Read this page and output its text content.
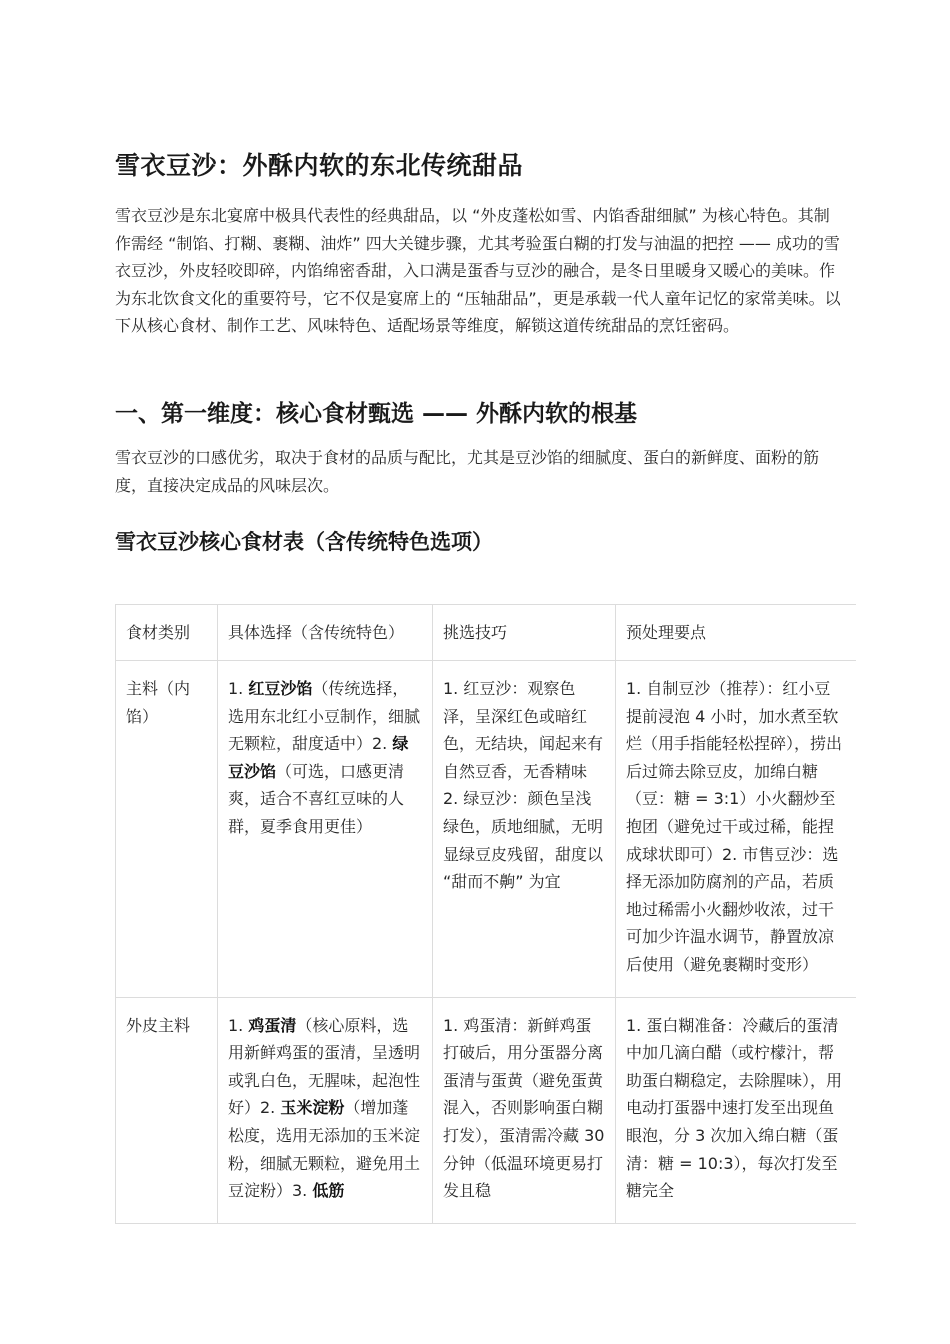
雪衣豆沙：外酥内软的东北传统甜品

雪衣豆沙是东北宴席中极具代表性的经典甜品，以 “外皮蓬松如雪、内馅香甜细腻” 为核心特色。其制作需经 “制馅、打糊、裹糊、油炸” 四大关键步骤，尤其考验蛋白糊的打发与油温的把控 —— 成功的雪衣豆沙，外皮轻咬即碎，内馅绵密香甜，入口满是蛋香与豆沙的融合，是冬日里暖身又暖心的美味。作为东北饮食文化的重要符号，它不仅是宴席上的 “压轴甜品”，更是承载一代人童年记忆的家常美味。以下从核心食材、制作工艺、风味特色、适配场景等维度，解锁这道传统甜品的烹饪密码。

一、第一维度：核心食材甄选 —— 外酥内软的根基

雪衣豆沙的口感优劣，取决于食材的品质与配比，尤其是豆沙馅的细腻度、蛋白的新鲜度、面粉的筋度，直接决定成品的风味层次。

雪衣豆沙核心食材表（含传统特色选项）
食材类别	具体选择（含传统特色）	挑选技巧	预处理要点
主料（内馅）	1. 红豆沙馅（传统选择，选用东北红小豆制作，细腻无颗粒，甜度适中）2. 绿豆沙馅（可选，口感更清爽，适合不喜红豆味的人群，夏季食用更佳）	1. 红豆沙：观察色泽，呈深红色或暗红色，无结块，闻起来有自然豆香，无香精味 2. 绿豆沙：颜色呈浅绿色，质地细腻，无明显绿豆皮残留，甜度以 “甜而不齁” 为宜	1. 自制豆沙（推荐）：红小豆提前浸泡 4 小时，加水煮至软烂（用手指能轻松捏碎），捞出后过筛去除豆皮，加绵白糖（豆：糖 = 3:1）小火翻炒至抱团（避免过干或过稀，能捏成球状即可）2. 市售豆沙：选择无添加防腐剂的产品，若质地过稀需小火翻炒收浓，过干可加少许温水调节，静置放凉后使用（避免裹糊时变形）
外皮主料	1. 鸡蛋清（核心原料，选用新鲜鸡蛋的蛋清，呈透明或乳白色，无腥味，起泡性好）2. 玉米淀粉（增加蓬松度，选用无添加的玉米淀粉，细腻无颗粒，避免用土豆淀粉）3. 低筋	1. 鸡蛋清：新鲜鸡蛋打破后，用分蛋器分离蛋清与蛋黄（避免蛋黄混入，否则影响蛋白糊打发），蛋清需冷藏 30 分钟（低温环境更易打发且稳	1. 蛋白糊准备：冷藏后的蛋清中加几滴白醋（或柠檬汁，帮助蛋白糊稳定，去除腥味），用电动打蛋器中速打发至出现鱼眼泡，分 3 次加入绵白糖（蛋清：糖 = 10:3），每次打发至糖完全
